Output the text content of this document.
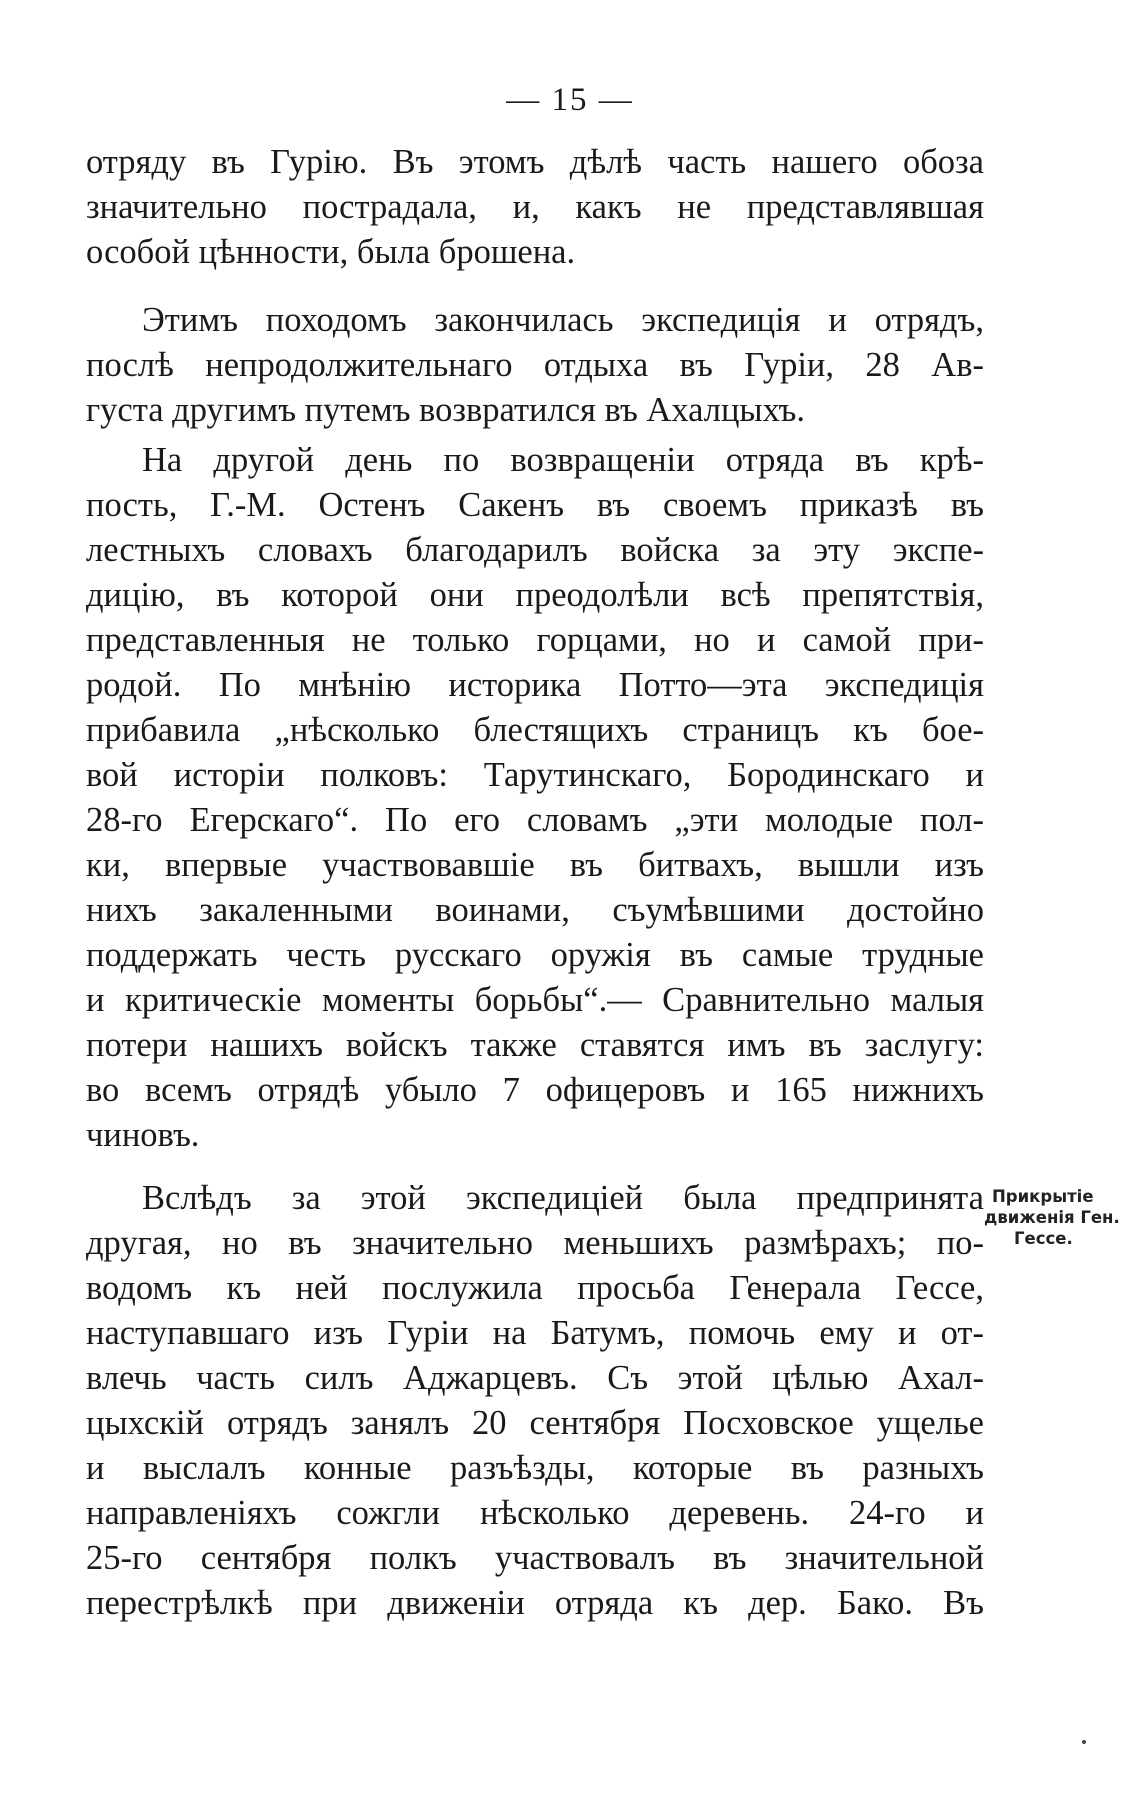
— 15 —
отряду въ Гурію. Въ этомъ дѣлѣ часть нашего обоза
значительно пострадала, и, какъ не представлявшая
особой цѣнности, была брошена.
Этимъ походомъ закончилась экспедиція и отрядъ,
послѣ непродолжительнаго отдыха въ Гуріи, 28 Ав-
густа другимъ путемъ возвратился въ Ахалцыхъ.
На другой день по возвращеніи отряда въ крѣ-
пость, Г.-М. Остенъ Сакенъ въ своемъ приказѣ въ
лестныхъ словахъ благодарилъ войска за эту экспе-
дицію, въ которой они преодолѣли всѣ препятствія,
представленныя не только горцами, но и самой при-
родой. По мнѣнію историка Потто—эта экспедиція
прибавила „нѣсколько блестящихъ страницъ къ бое-
вой исторіи полковъ: Тарутинскаго, Бородинскаго и
28-го Егерскаго“. По его словамъ „эти молодые пол-
ки, впервые участвовавшіе въ битвахъ, вышли изъ
нихъ закаленными воинами, съумѣвшими достойно
поддержать честь русскаго оружія въ самые трудные
и критическіе моменты борьбы“.— Сравнительно малыя
потери нашихъ войскъ также ставятся имъ въ заслугу:
во всемъ отрядѣ убыло 7 офицеровъ и 165 нижнихъ
чиновъ.
Вслѣдъ за этой экспедиціей была предпринята
другая, но въ значительно меньшихъ размѣрахъ; по-
водомъ къ ней послужила просьба Генерала Гессе,
наступавшаго изъ Гуріи на Батумъ, помочь ему и от-
влечь часть силъ Аджарцевъ. Съ этой цѣлью Ахал-
цыхскій отрядъ занялъ 20 сентября Посховское ущелье
и выслалъ конные разъѣзды, которые въ разныхъ
направленіяхъ сожгли нѣсколько деревень. 24-го и
25-го сентября полкъ участвовалъ въ значительной
перестрѣлкѣ при движеніи отряда къ дер. Бако. Въ
Прикрытіе
движенія Ген.
Гессе.
